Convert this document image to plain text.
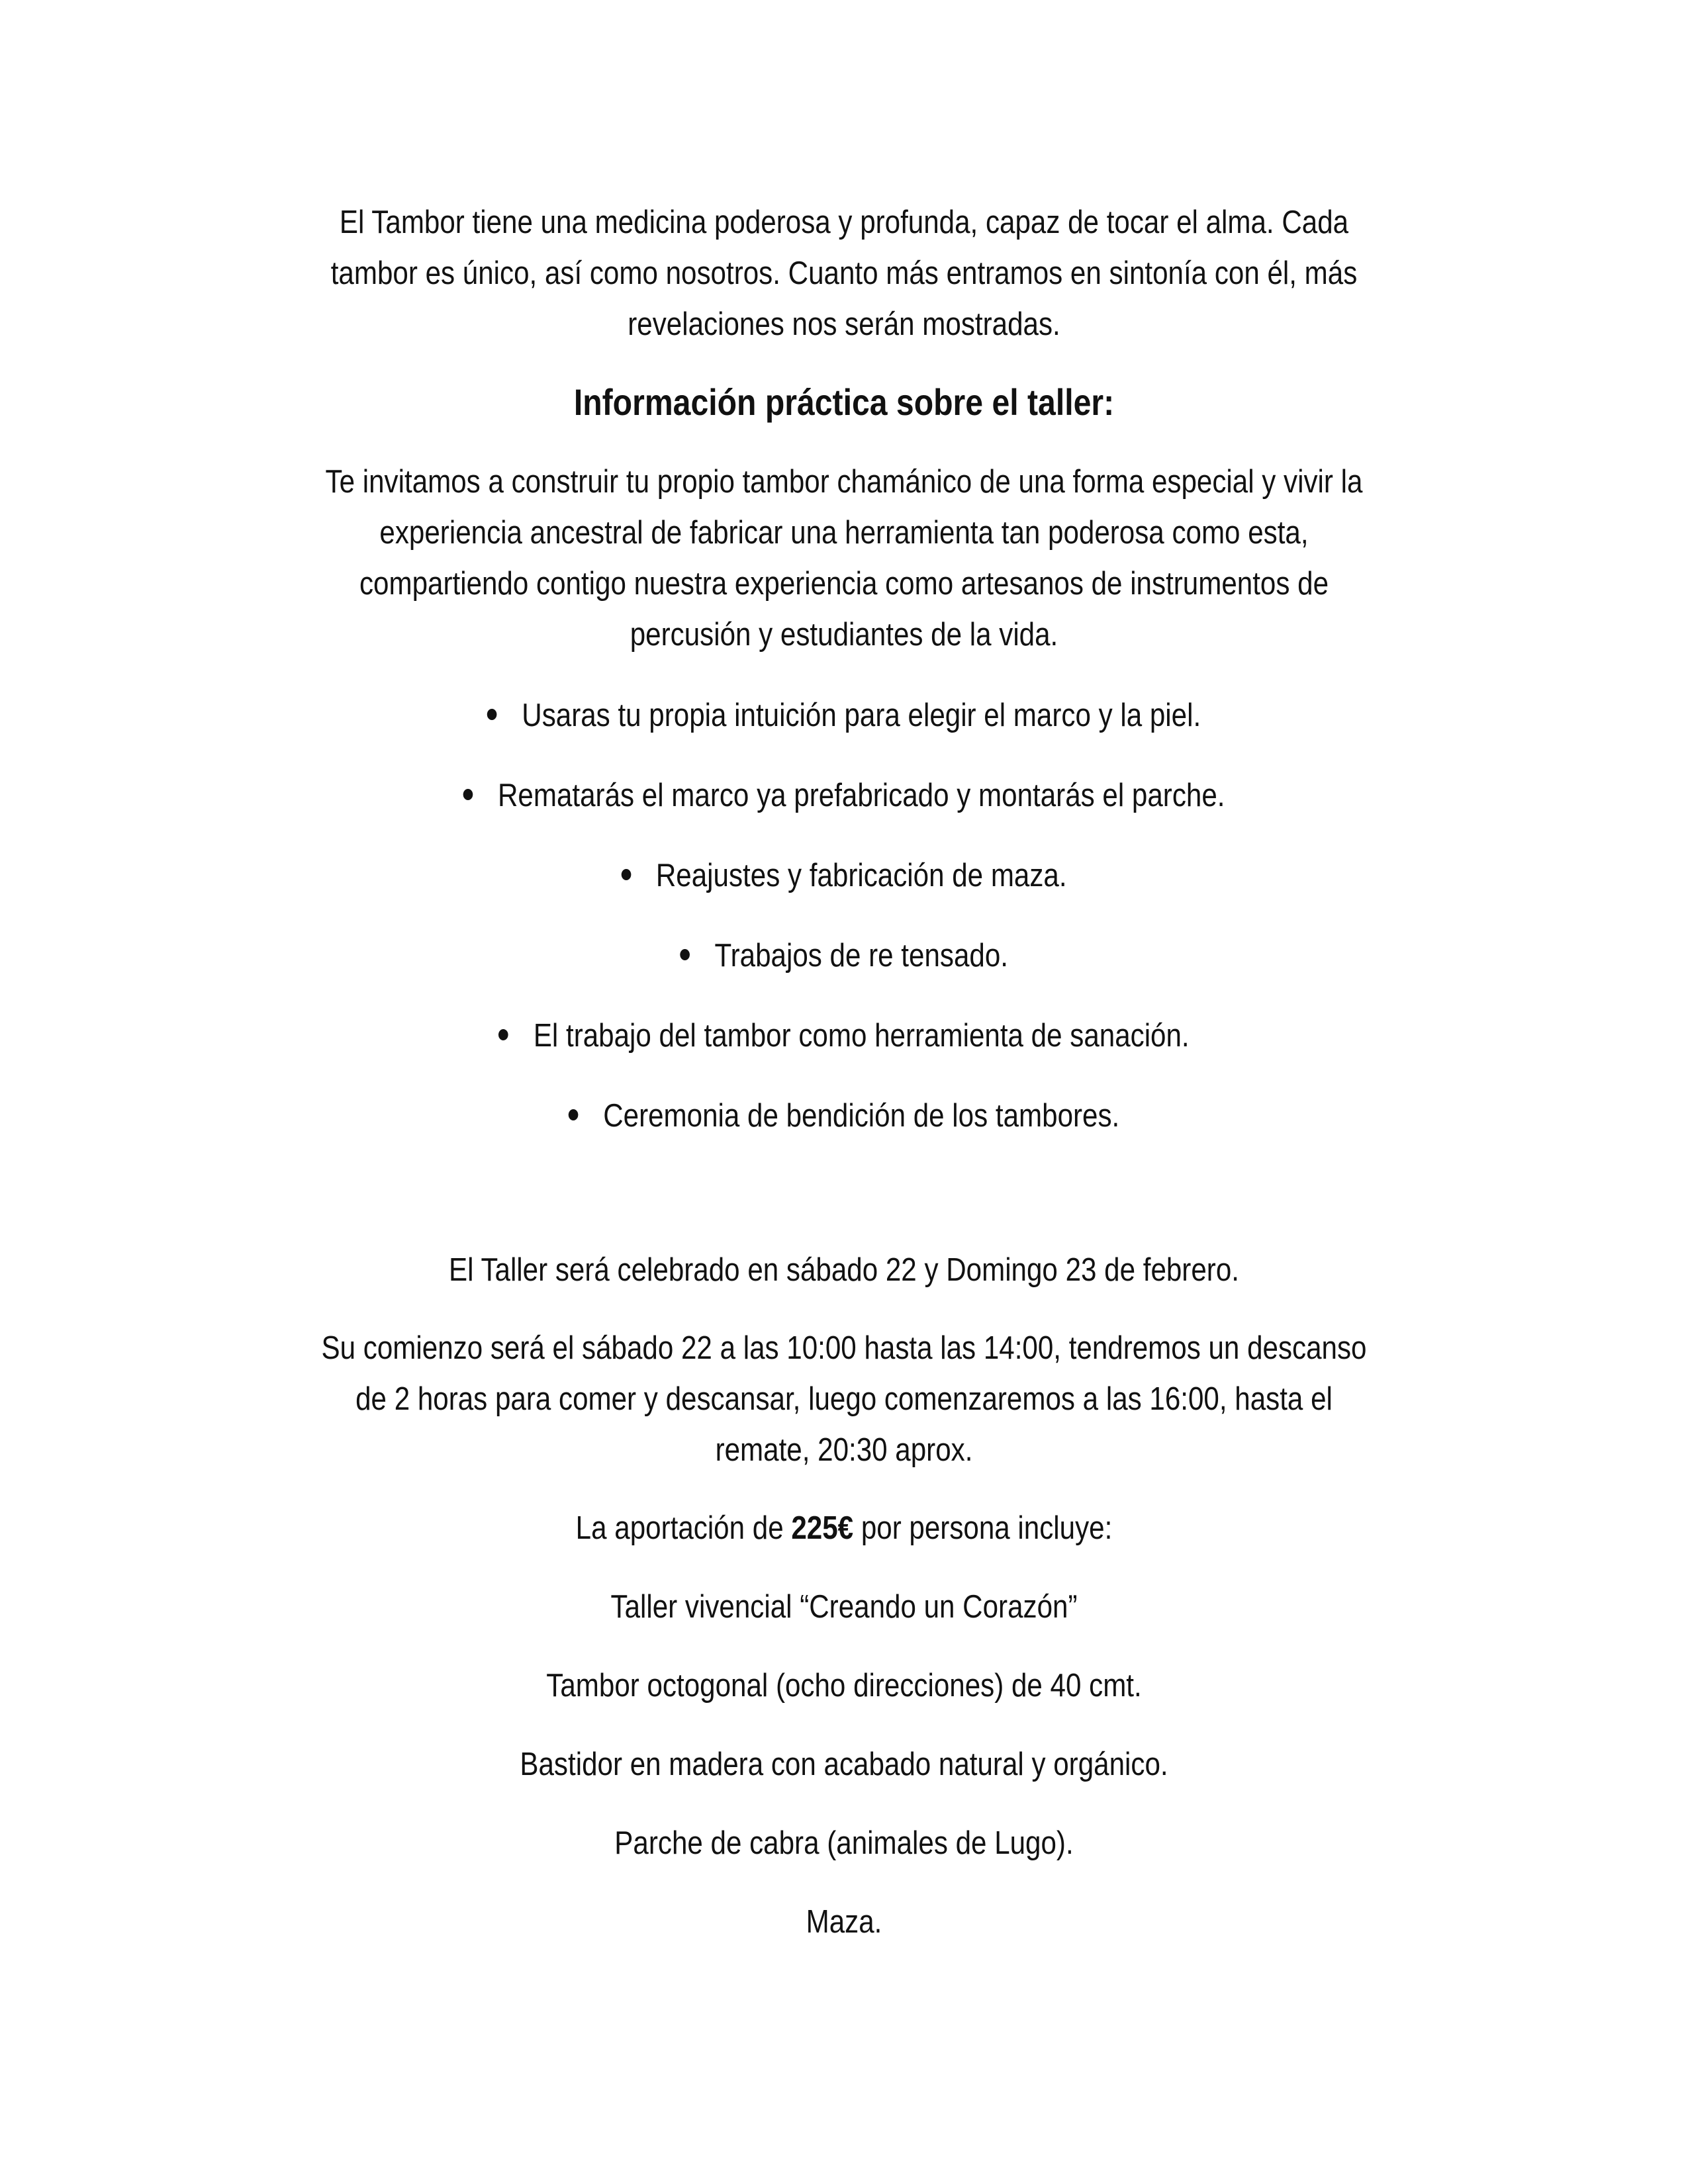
El Tambor tiene una medicina poderosa y profunda, capaz de tocar el alma. Cada
tambor es único, así como nosotros. Cuanto más entramos en sintonía con él, más
revelaciones nos serán mostradas.

Información práctica sobre el taller:

Te invitamos a construir tu propio tambor chamánico de una forma especial y vivir la
experiencia ancestral de fabricar una herramienta tan poderosa como esta,
compartiendo contigo nuestra experiencia como artesanos de instrumentos de
percusión y estudiantes de la vida.

Usaras tu propia intuición para elegir el marco y la piel.
Rematarás el marco ya prefabricado y montarás el parche.
Reajustes y fabricación de maza.
Trabajos de re tensado.
El trabajo del tambor como herramienta de sanación.
Ceremonia de bendición de los tambores.

El Taller será celebrado en sábado 22 y Domingo 23 de febrero.

Su comienzo será el sábado 22 a las 10:00 hasta las 14:00, tendremos un descanso
de 2 horas para comer y descansar, luego comenzaremos a las 16:00, hasta el
remate, 20:30 aprox.

La aportación de 225€ por persona incluye:

Taller vivencial “Creando un Corazón”

Tambor octogonal (ocho direcciones) de 40 cmt.

Bastidor en madera con acabado natural y orgánico.

Parche de cabra (animales de Lugo).

Maza.
